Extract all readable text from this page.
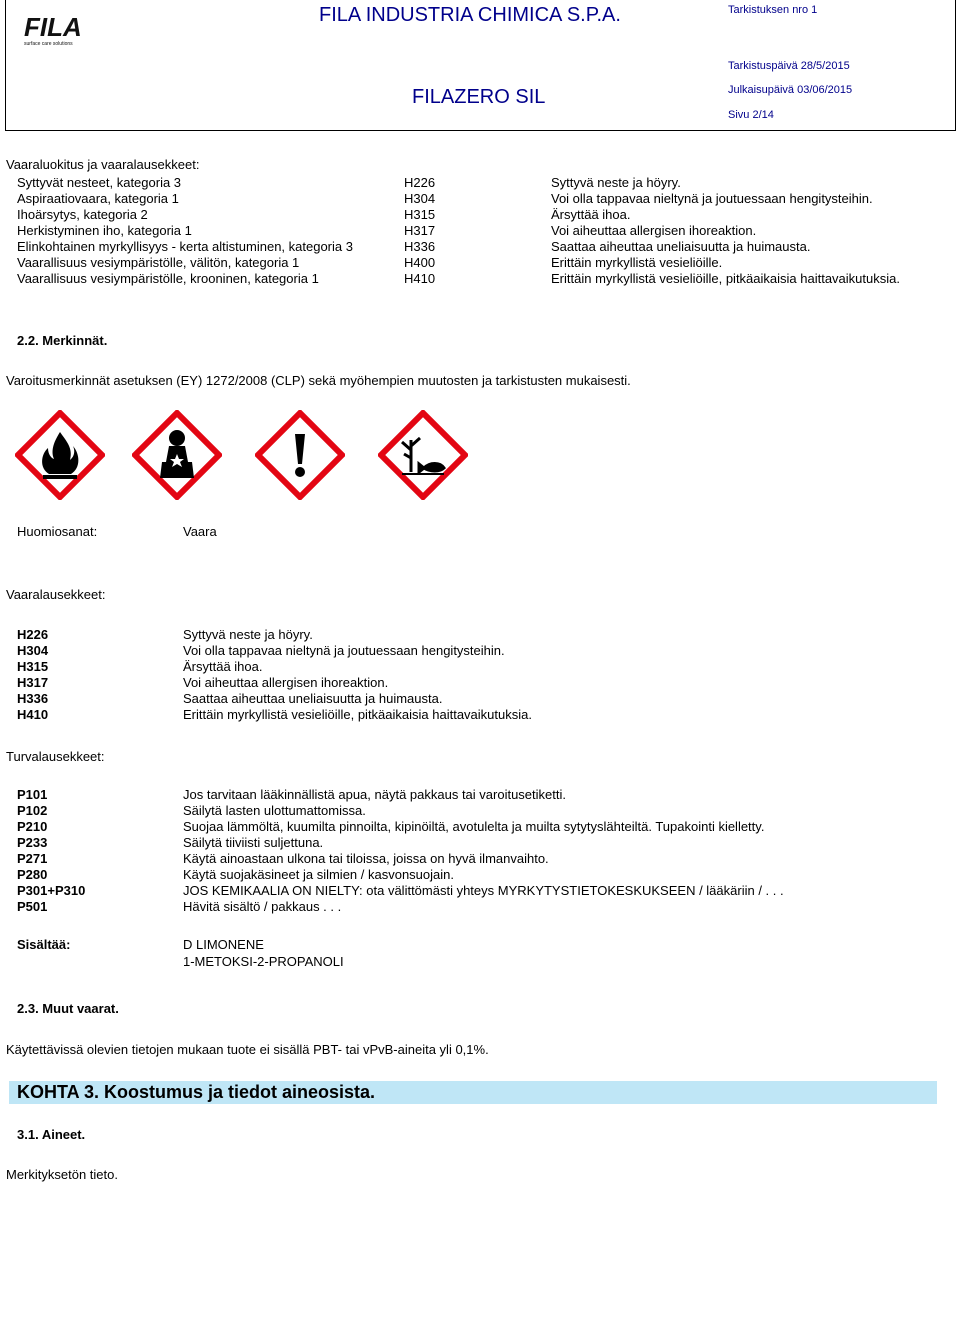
FILA
surface care solutions
FILA INDUSTRIA CHIMICA S.P.A.
FILAZERO SIL
Tarkistuksen nro 1
Tarkistuspäivä 28/5/2015
Julkaisupäivä 03/06/2015
Sivu 2/14
Vaaraluokitus ja vaaralausekkeet:
Syttyvät nesteet, kategoria 3	H226	Syttyvä neste ja höyry.
Aspiraatiovaara, kategoria 1	H304	Voi olla tappavaa nieltynä ja joutuessaan hengitysteihin.
Ihoärsytys, kategoria 2	H315	Ärsyttää ihoa.
Herkistyminen iho, kategoria 1	H317	Voi aiheuttaa allergisen ihoreaktion.
Elinkohtainen myrkyllisyys - kerta altistuminen, kategoria 3	H336	Saattaa aiheuttaa uneliaisuutta ja huimausta.
Vaarallisuus vesiympäristölle, välitön, kategoria 1	H400	Erittäin myrkyllistä vesieliöille.
Vaarallisuus vesiympäristölle, krooninen, kategoria 1	H410	Erittäin myrkyllistä vesieliöille, pitkäaikaisia haittavaikutuksia.
2.2. Merkinnät.
Varoitusmerkinnät asetuksen (EY) 1272/2008 (CLP) sekä myöhempien muutosten ja tarkistusten mukaisesti.
Huomiosanat:	Vaara
Vaaralausekkeet:
H226	Syttyvä neste ja höyry.
H304	Voi olla tappavaa nieltynä ja joutuessaan hengitysteihin.
H315	Ärsyttää ihoa.
H317	Voi aiheuttaa allergisen ihoreaktion.
H336	Saattaa aiheuttaa uneliaisuutta ja huimausta.
H410	Erittäin myrkyllistä vesieliöille, pitkäaikaisia haittavaikutuksia.
Turvalausekkeet:
P101	Jos tarvitaan lääkinnällistä apua, näytä pakkaus tai varoitusetiketti.
P102	Säilytä lasten ulottumattomissa.
P210	Suojaa lämmöltä, kuumilta pinnoilta, kipinöiltä, avotulelta ja muilta sytytyslähteiltä. Tupakointi kielletty.
P233	Säilytä tiiviisti suljettuna.
P271	Käytä ainoastaan ulkona tai tiloissa, joissa on hyvä ilmanvaihto.
P280	Käytä suojakäsineet ja silmien / kasvonsuojain.
P301+P310	JOS KEMIKAALIA ON NIELTY: ota välittömästi yhteys MYRKYTYSTIETOKESKUKSEEN / lääkäriin / . . .
P501	Hävitä sisältö / pakkaus . . .
Sisältää:	D LIMONENE
1-METOKSI-2-PROPANOLI
2.3. Muut vaarat.
Käytettävissä olevien tietojen mukaan tuote ei sisällä PBT- tai vPvB-aineita yli 0,1%.
KOHTA 3. Koostumus ja tiedot aineosista.
3.1. Aineet.
Merkityksetön tieto.
